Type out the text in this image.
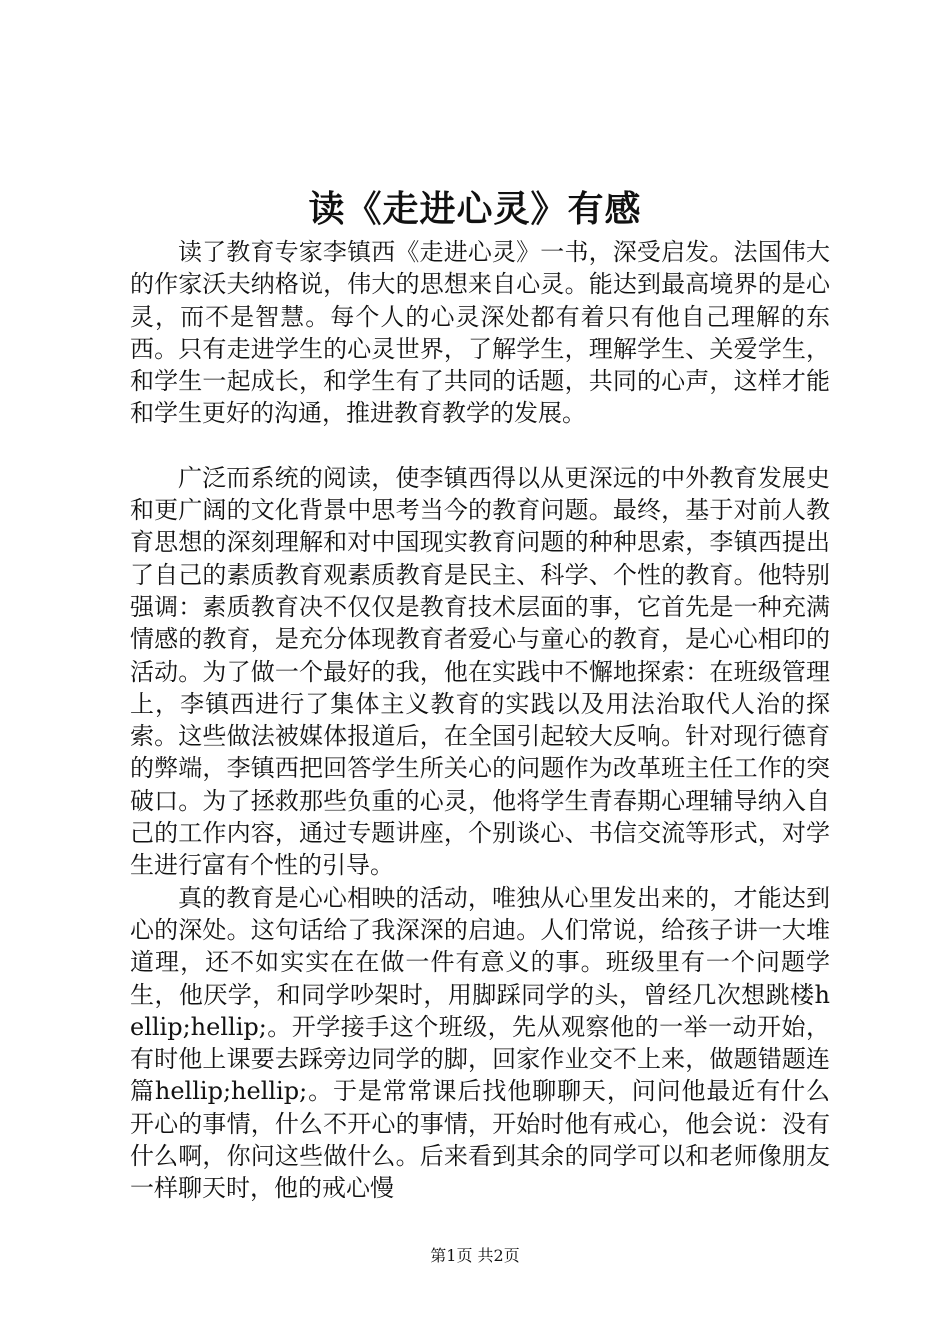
读《走进心灵》有感

读了教育专家李镇西《走进心灵》一书，深受启发。法国伟大的作家沃夫纳格说，伟大的思想来自心灵。能达到最高境界的是心灵，而不是智慧。每个人的心灵深处都有着只有他自己理解的东西。只有走进学生的心灵世界，了解学生，理解学生、关爱学生，和学生一起成长，和学生有了共同的话题，共同的心声，这样才能和学生更好的沟通，推进教育教学的发展。

广泛而系统的阅读，使李镇西得以从更深远的中外教育发展史和更广阔的文化背景中思考当今的教育问题。最终，基于对前人教育思想的深刻理解和对中国现实教育问题的种种思索，李镇西提出了自己的素质教育观素质教育是民主、科学、个性的教育。他特别强调：素质教育决不仅仅是教育技术层面的事，它首先是一种充满情感的教育，是充分体现教育者爱心与童心的教育，是心心相印的活动。为了做一个最好的我，他在实践中不懈地探索：在班级管理上，李镇西进行了集体主义教育的实践以及用法治取代人治的探索。这些做法被媒体报道后，在全国引起较大反响。针对现行德育的弊端，李镇西把回答学生所关心的问题作为改革班主任工作的突破口。为了拯救那些负重的心灵，他将学生青春期心理辅导纳入自己的工作内容，通过专题讲座，个别谈心、书信交流等形式，对学生进行富有个性的引导。

真的教育是心心相映的活动，唯独从心里发出来的，才能达到心的深处。这句话给了我深深的启迪。人们常说，给孩子讲一大堆道理，还不如实实在在做一件有意义的事。班级里有一个问题学生，他厌学，和同学吵架时，用脚踩同学的头，曾经几次想跳楼hellip;hellip;。开学接手这个班级，先从观察他的一举一动开始，有时他上课要去踩旁边同学的脚，回家作业交不上来，做题错题连篇hellip;hellip;。于是常常课后找他聊聊天，问问他最近有什么开心的事情，什么不开心的事情，开始时他有戒心，他会说：没有什么啊，你问这些做什么。后来看到其余的同学可以和老师像朋友一样聊天时，他的戒心慢

第1页 共2页
